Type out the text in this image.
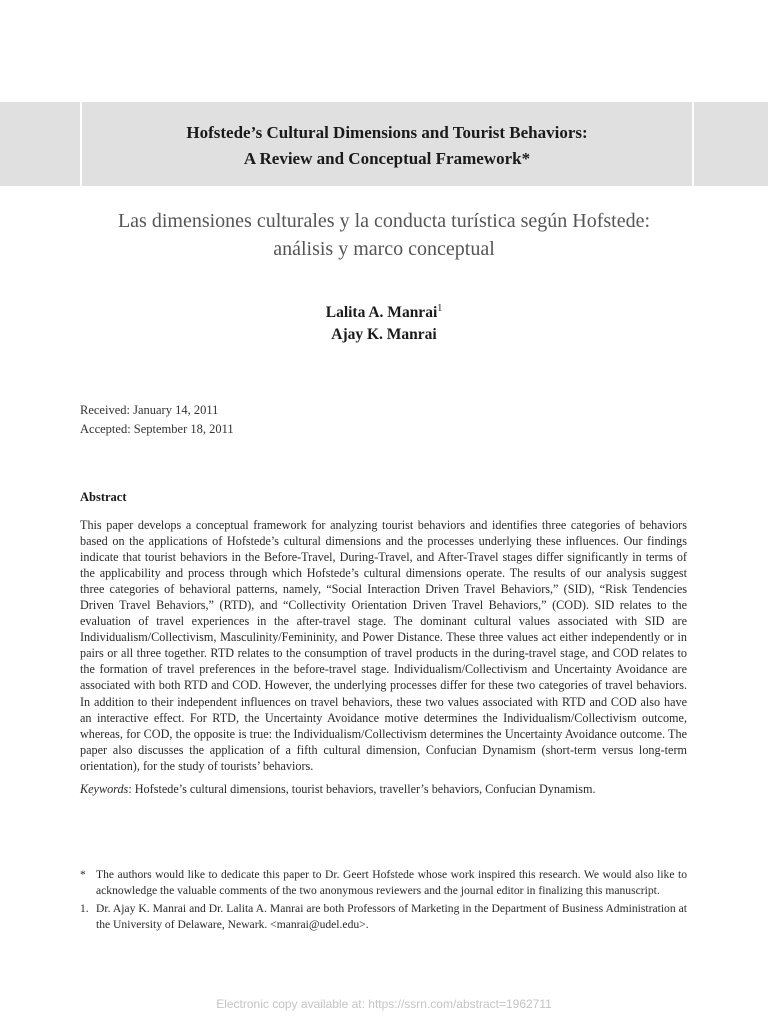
Hofstede’s Cultural Dimensions and Tourist Behaviors:
A Review and Conceptual Framework*
Las dimensiones culturales y la conducta turística según Hofstede:
análisis y marco conceptual
Lalita A. Manrai$^1$
Ajay K. Manrai
Received: January 14, 2011
Accepted: September 18, 2011
Abstract

This paper develops a conceptual framework for analyzing tourist behaviors and identifies three categories of behaviors based on the applications of Hofstede’s cultural dimensions and the processes underlying these influences. Our findings indicate that tourist behaviors in the Before-Travel, During-Travel, and After-Travel stages differ significantly in terms of the applicability and process through which Hofstede’s cultural dimensions operate. The results of our analysis suggest three categories of behavioral patterns, namely, “Social Interaction Driven Travel Behaviors,” (SID), “Risk Tendencies Driven Travel Behaviors,” (RTD), and “Collectivity Orientation Driven Travel Behaviors,” (COD). SID relates to the evaluation of travel experiences in the after-travel stage. The dominant cultural values associated with SID are Individualism/Collectivism, Masculinity/Femininity, and Power Distance. These three values act either independently or in pairs or all three together. RTD relates to the consumption of travel products in the during-travel stage, and COD relates to the formation of travel preferences in the before-travel stage. Individualism/Collectivism and Uncertainty Avoidance are associated with both RTD and COD. However, the underlying processes differ for these two categories of travel behaviors. In addition to their independent influences on travel behaviors, these two values associated with RTD and COD also have an interactive effect. For RTD, the Uncertainty Avoidance motive determines the Individualism/Collectivism outcome, whereas, for COD, the opposite is true: the Individualism/Collectivism determines the Uncertainty Avoidance outcome. The paper also discusses the application of a fifth cultural dimension, Confucian Dynamism (short-term versus long-term orientation), for the study of tourists’ behaviors.

Keywords: Hofstede’s cultural dimensions, tourist behaviors, traveller’s behaviors, Confucian Dynamism.
* The authors would like to dedicate this paper to Dr. Geert Hofstede whose work inspired this research. We would also like to acknowledge the valuable comments of the two anonymous reviewers and the journal editor in finalizing this manuscript.
1. Dr. Ajay K. Manrai and Dr. Lalita A. Manrai are both Professors of Marketing in the Department of Business Administration at the University of Delaware, Newark. <manrai@udel.edu>.
Electronic copy available at: https://ssrn.com/abstract=1962711
